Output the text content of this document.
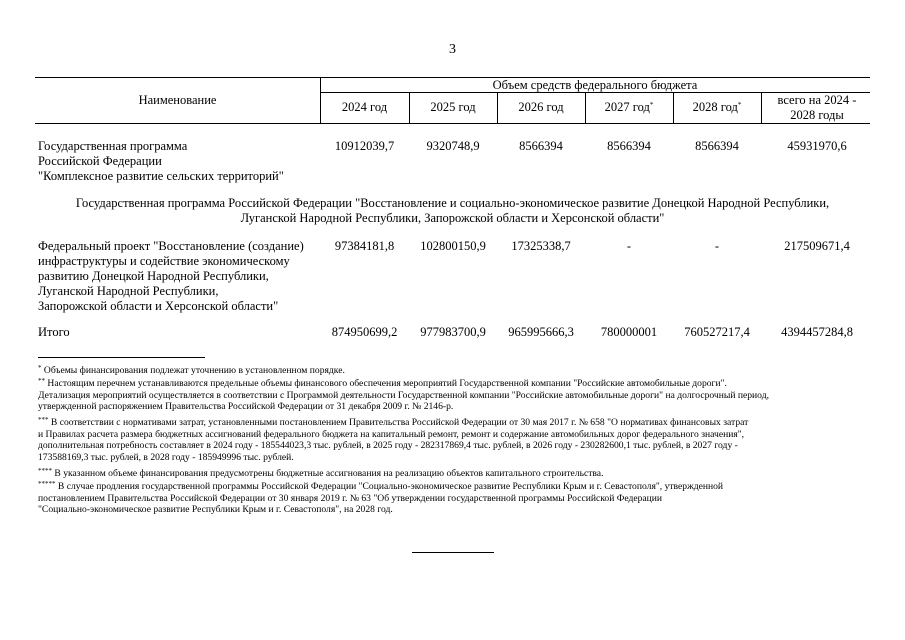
3
Наименование
Объем средств федерального бюджета
2024 год	2025 год	2026 год	2027 год*	2028 год*	всего на 2024 - 2028 годы
Государственная программа
Российской Федерации
"Комплексное развитие сельских территорий"
10912039,7	9320748,9	8566394	8566394	8566394	45931970,6
Государственная программа Российской Федерации "Восстановление и социально-экономическое развитие Донецкой Народной Республики,
Луганской Народной Республики, Запорожской области и Херсонской области"
Федеральный проект "Восстановление (создание)
инфраструктуры и содействие экономическому
развитию Донецкой Народной Республики,
Луганской Народной Республики,
Запорожской области и Херсонской области"
97384181,8	102800150,9	17325338,7	-	-	217509671,4
Итого	874950699,2	977983700,9	965995666,3	780000001	760527217,4	4394457284,8
* Объемы финансирования подлежат уточнению в установленном порядке.
** Настоящим перечнем устанавливаются предельные объемы финансового обеспечения мероприятий Государственной компании "Российские автомобильные дороги".
Детализация мероприятий осуществляется в соответствии с Программой деятельности Государственной компании "Российские автомобильные дороги" на долгосрочный период,
утвержденной распоряжением Правительства Российской Федерации от 31 декабря 2009 г. № 2146-р.
*** В соответствии с нормативами затрат, установленными постановлением Правительства Российской Федерации от 30 мая 2017 г. № 658 "О нормативах финансовых затрат
и Правилах расчета размера бюджетных ассигнований федерального бюджета на капитальный ремонт, ремонт и содержание автомобильных дорог федерального значения",
дополнительная потребность составляет в 2024 году - 185544023,3 тыс. рублей, в 2025 году - 282317869,4 тыс. рублей, в 2026 году - 230282600,1 тыс. рублей, в 2027 году -
173588169,3 тыс. рублей, в 2028 году - 185949996 тыс. рублей.
**** В указанном объеме финансирования предусмотрены бюджетные ассигнования на реализацию объектов капитального строительства.
***** В случае продления государственной программы Российской Федерации "Социально-экономическое развитие Республики Крым и г. Севастополя", утвержденной
постановлением Правительства Российской Федерации от 30 января 2019 г. № 63 "Об утверждении государственной программы Российской Федерации
"Социально-экономическое развитие Республики Крым и г. Севастополя", на 2028 год.
